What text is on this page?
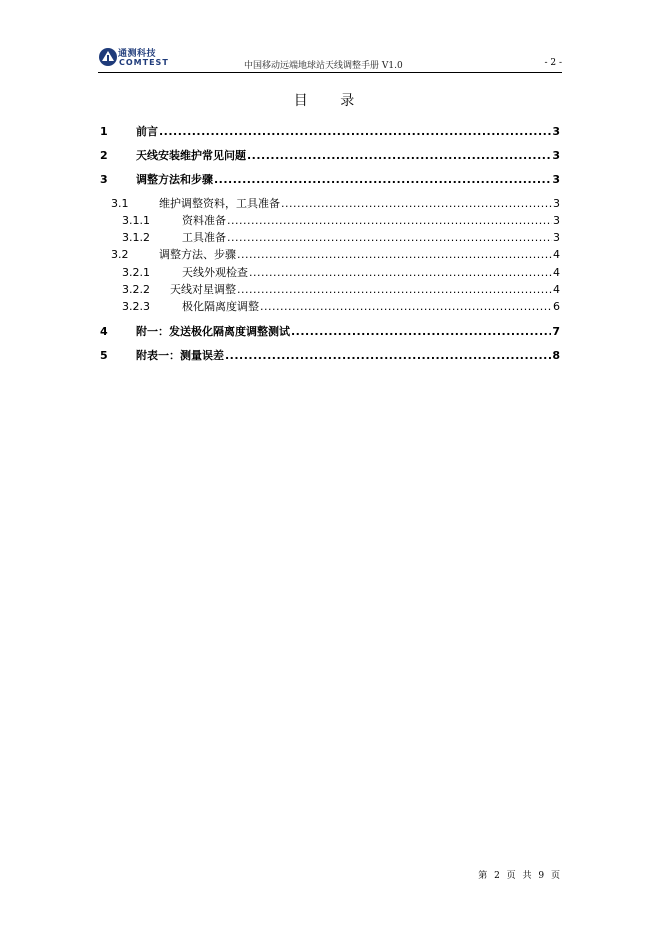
通测科技
COMTEST	中国移动远端地球站天线调整手册 V1.0	- 2 -
目 录
1	前言 .....	3
2	天线安装维护常见问题 .....	3
3	调整方法和步骤 .....	3
3.1	维护调整资料，工具准备 .....	3
3.1.1	资料准备 .....	3
3.1.2	工具准备 .....	3
3.2	调整方法、步骤 .....	4
3.2.1	天线外观检查 .....	4
3.2.2	天线对星调整 .....	4
3.2.3	极化隔离度调整 .....	6
4	附一：发送极化隔离度调整测试 .....	7
5	附表一：测量误差 .....	8
第 2 页 共 9 页
